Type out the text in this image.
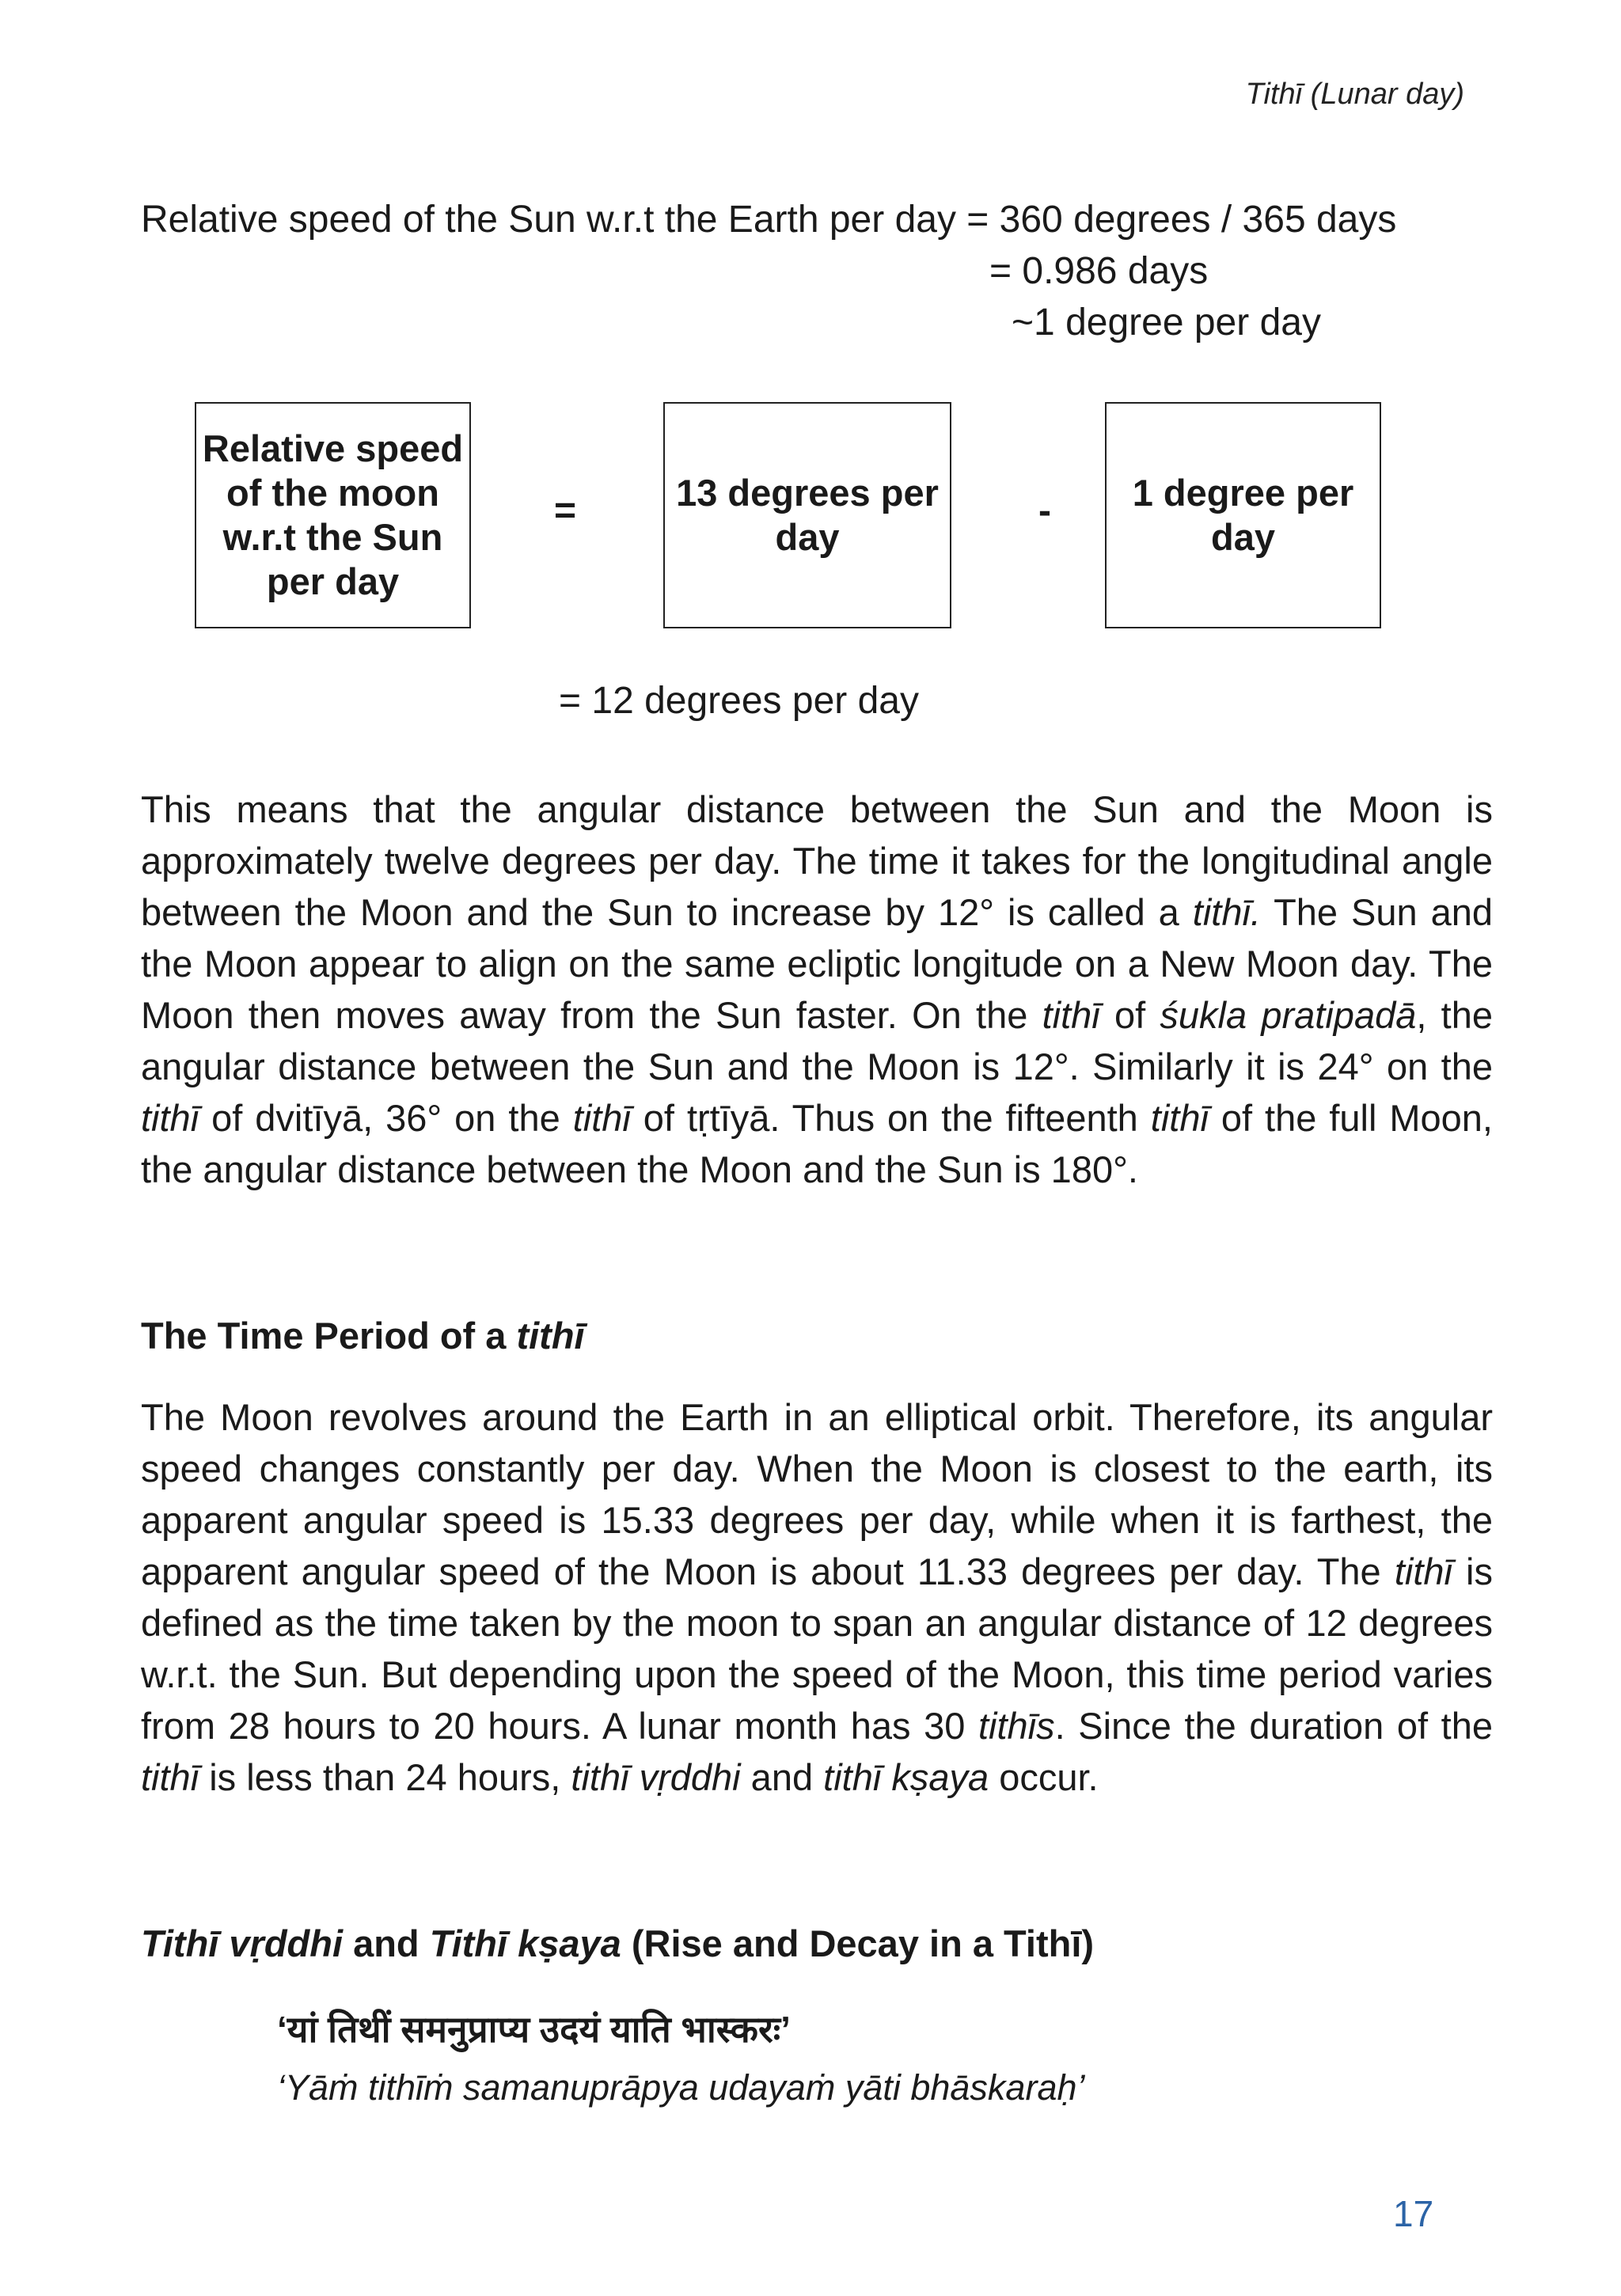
Tithī (Lunar day)
Relative speed of the Sun w.r.t the Earth per day = 360 degrees / 365 days
= 0.986 days
~1 degree per day
Relative speed of the moon w.r.t the Sun per day
=	13 degrees per day
-	1 degree per day
= 12 degrees per day

This means that the angular distance between the Sun and the Moon is approximately twelve degrees per day. The time it takes for the longitudinal angle between the Moon and the Sun to increase by 12° is called a tithī. The Sun and the Moon appear to align on the same ecliptic longitude on a New Moon day. The Moon then moves away from the Sun faster. On the tithī of śukla pratipadā, the angular distance between the Sun and the Moon is 12°. Similarly it is 24° on the tithī of dvitīyā, 36° on the tithī of tṛtīyā. Thus on the fifteenth tithī of the full Moon, the angular distance between the Moon and the Sun is 180°.

The Time Period of a tithī

The Moon revolves around the Earth in an elliptical orbit. Therefore, its angular speed changes constantly per day. When the Moon is closest to the earth, its apparent angular speed is 15.33 degrees per day, while when it is farthest, the apparent angular speed of the Moon is about 11.33 degrees per day. The tithī is defined as the time taken by the moon to span an angular distance of 12 degrees w.r.t. the Sun. But depending upon the speed of the Moon, this time period varies from 28 hours to 20 hours. A lunar month has 30 tithīs. Since the duration of the tithī is less than 24 hours, tithī vṛddhi and tithī kṣaya occur.

Tithī vṛddhi and Tithī kṣaya (Rise and Decay in a Tithī)
‘यां तिथीं समनुप्राप्य उदयं याति भास्करः’
‘Yāṁ tithīṁ samanuprāpya udayaṁ yāti bhāskaraḥ’
17
